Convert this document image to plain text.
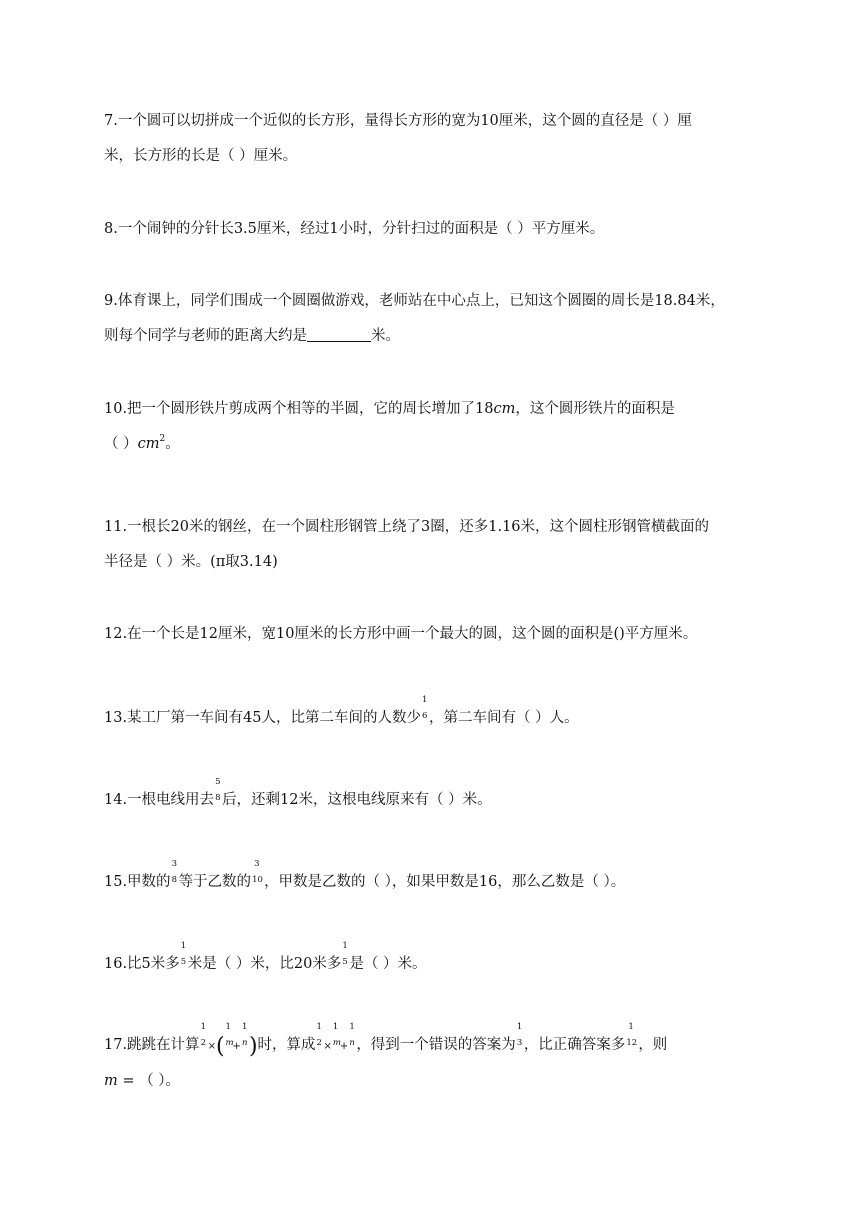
7.一个圆可以切拼成一个近似的长方形，量得长方形的宽为10厘米，这个圆的直径是（ ）厘
米，长方形的长是（ ）厘米。
8.一个闹钟的分针长3.5厘米，经过1小时，分针扫过的面积是（ ）平方厘米。
9.体育课上，同学们围成一个圆圈做游戏，老师站在中心点上，已知这个圆圈的周长是18.84米，
则每个同学与老师的距离大约是	米。
10.把一个圆形铁片剪成两个相等的半圆，它的周长增加了18cm，这个圆形铁片的面积是
（ ）$cm^2$。
11.一根长20米的钢丝，在一个圆柱形钢管上绕了3圈，还多1.16米，这个圆柱形钢管横截面的
半径是（ ）米。(π取3.14)
12.在一个长是12厘米，宽10厘米的长方形中画一个最大的圆，这个圆的面积是()平方厘米。
13.某工厂第一车间有45人，比第二车间的人数少
1
6 ，第二车间有（ ）人。
14.一根电线用去
5
8 后，还剩12米，这根电线原来有（ ）米。
15.甲数的
3
8 等于乙数的
3
10 ，甲数是乙数的（ ），如果甲数是16，那么乙数是（ ）。
16.比5米多
1
5 米是（ ）米，比20米多
1
5 是（ ）米。
17.跳跳在计算
1
2 ×(
1
m
+
1
n )时，算成
1
2 ×
1
m
+
1
n ，得到一个错误的答案为
1
3 ，比正确答案多
1
12 ，则
m = （ ）。
